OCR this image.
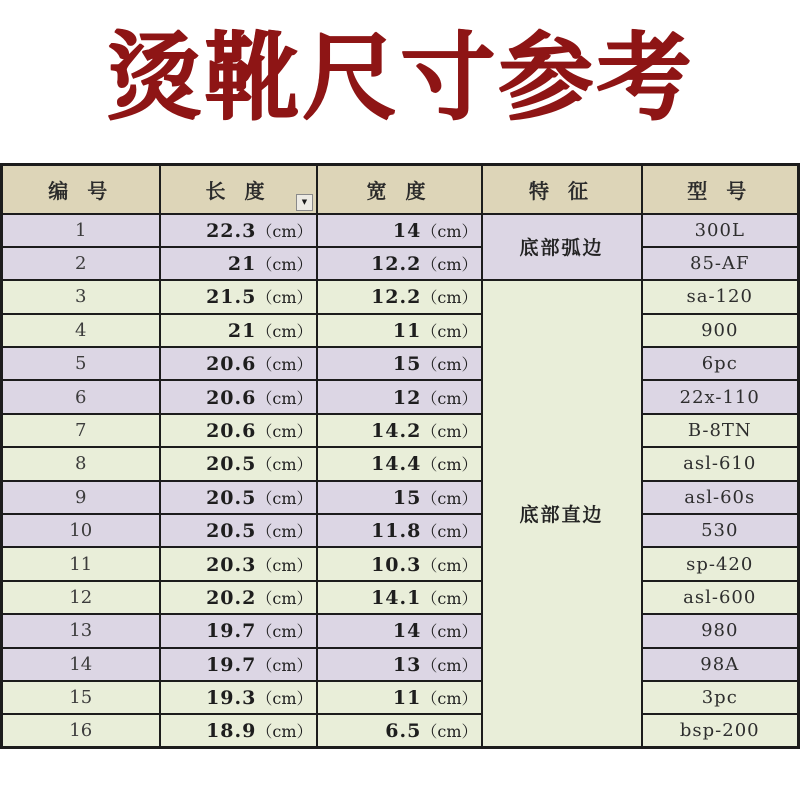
烫靴尺寸参考
编 号	长 度	宽 度	特 征	型 号
1	22.3（cm）	14（cm）	底部弧边	300L
2	21（cm）	12.2（cm）		85-AF
3	21.5（cm）	12.2（cm）	底部直边	sa-120
4	21（cm）	11（cm）		900
5	20.6（cm）	15（cm）		6pc
6	20.6（cm）	12（cm）		22x-110
7	20.6（cm）	14.2（cm）		B-8TN
8	20.5（cm）	14.4（cm）		asl-610
9	20.5（cm）	15（cm）		asl-60s
10	20.5（cm）	11.8（cm）		530
11	20.3（cm）	10.3（cm）		sp-420
12	20.2（cm）	14.1（cm）		asl-600
13	19.7（cm）	14（cm）		980
14	19.7（cm）	13（cm）		98A
15	19.3（cm）	11（cm）		3pc
16	18.9（cm）	6.5（cm）		bsp-200
▼
